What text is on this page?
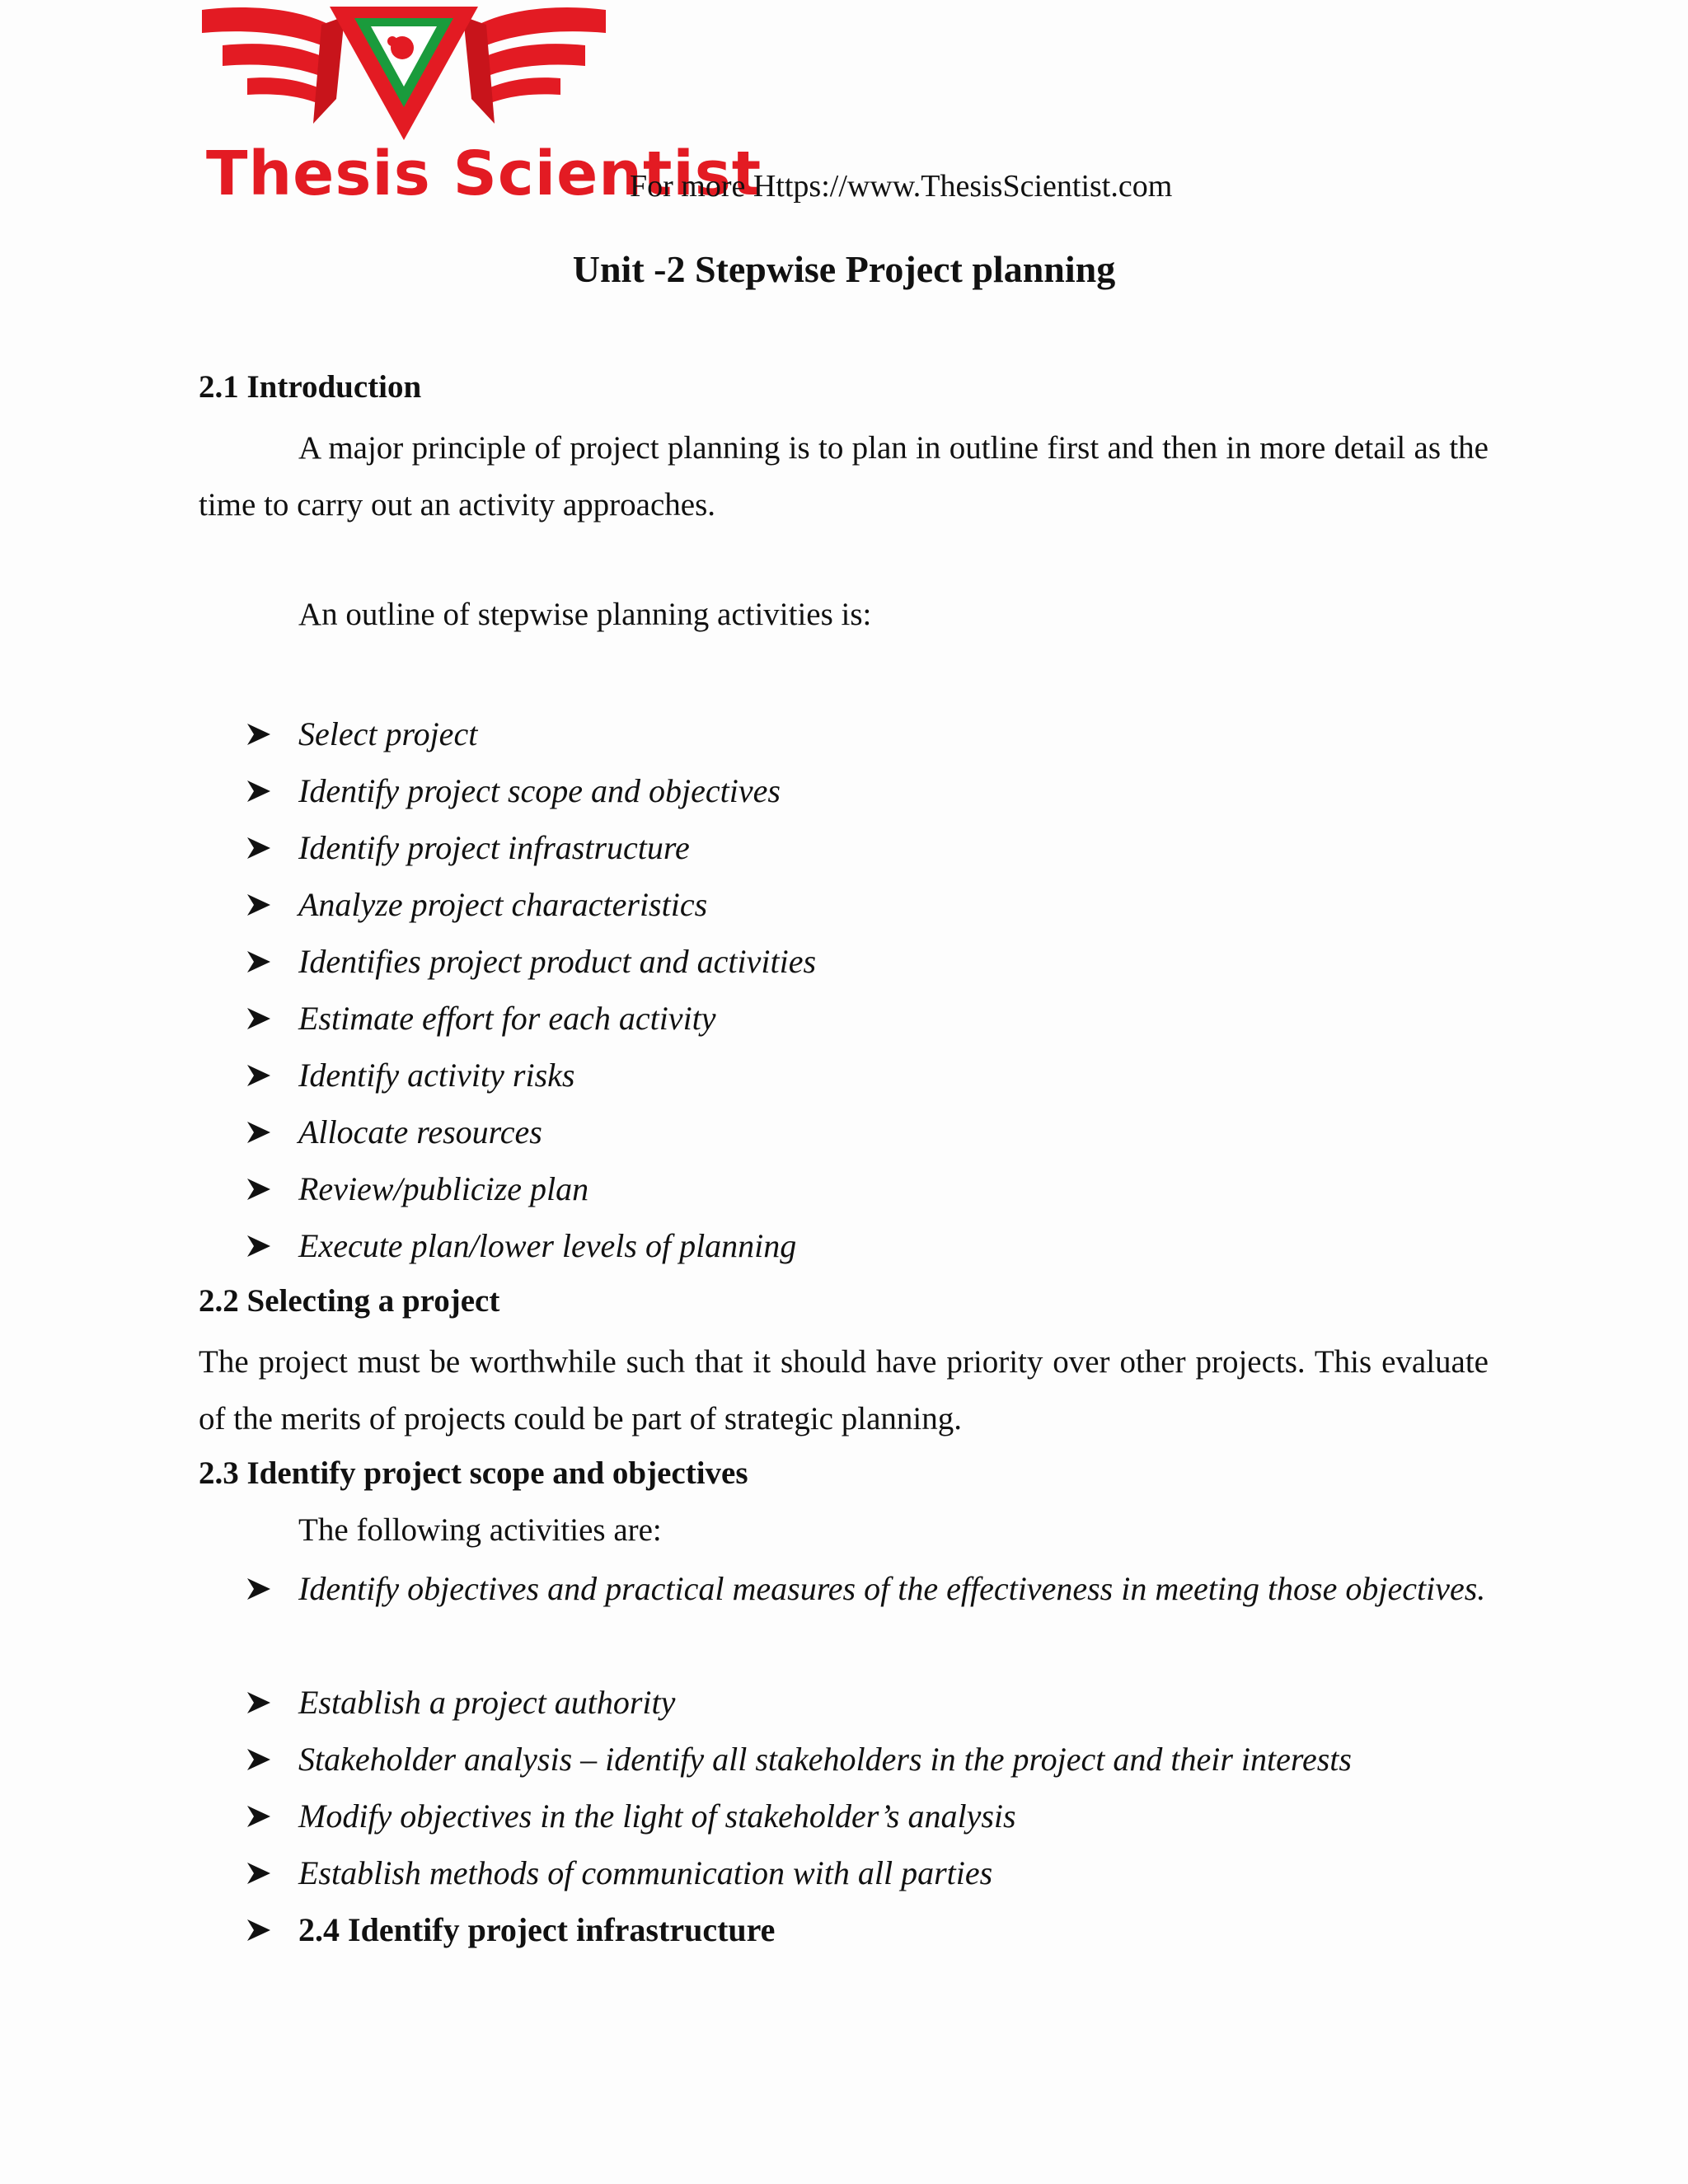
Thesis Scientist
For more Https://www.ThesisScientist.com
Unit -2 Stepwise Project planning
2.1 Introduction
A major principle of project planning is to plan in outline first and then in more detail as the time to carry out an activity approaches.
An outline of stepwise planning activities is:
Select project
Identify project scope and objectives
Identify project infrastructure
Analyze project characteristics
Identifies project product and activities
Estimate effort for each activity
Identify activity risks
Allocate resources
Review/publicize plan
Execute plan/lower levels of planning
2.2 Selecting a project
The project must be worthwhile such that it should have priority over other projects. This evaluate of the merits of projects could be part of strategic planning.
2.3 Identify project scope and objectives
The following activities are:
Identify objectives and practical measures of the effectiveness in meeting those objectives.
Establish a project authority
Stakeholder analysis – identify all stakeholders in the project and their interests
Modify objectives in the light of stakeholder’s analysis
Establish methods of communication with all parties
2.4 Identify project infrastructure
